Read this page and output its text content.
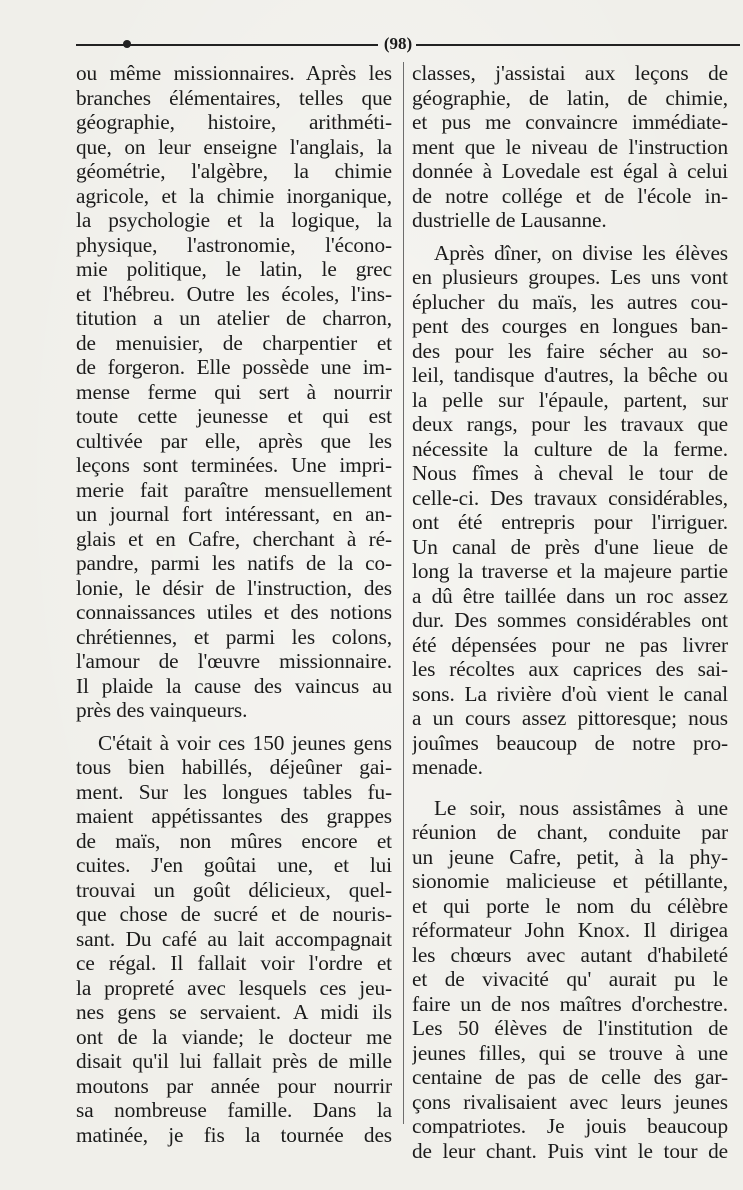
(98)
ou même missionnaires. Après les
branches élémentaires, telles que
géographie, histoire, arithméti-
que, on leur enseigne l'anglais, la
géométrie, l'algèbre, la chimie
agricole, et la chimie inorganique,
la psychologie et la logique, la
physique, l'astronomie, l'écono-
mie politique, le latin, le grec
et l'hébreu. Outre les écoles, l'ins-
titution a un atelier de charron,
de menuisier, de charpentier et
de forgeron. Elle possède une im-
mense ferme qui sert à nourrir
toute cette jeunesse et qui est
cultivée par elle, après que les
leçons sont terminées. Une impri-
merie fait paraître mensuellement
un journal fort intéressant, en an-
glais et en Cafre, cherchant à ré-
pandre, parmi les natifs de la co-
lonie, le désir de l'instruction, des
connaissances utiles et des notions
chrétiennes, et parmi les colons,
l'amour de l'œuvre missionnaire.
Il plaide la cause des vaincus au
près des vainqueurs.
C'était à voir ces 150 jeunes gens
tous bien habillés, déjeûner gai-
ment. Sur les longues tables fu-
maient appétissantes des grappes
de maïs, non mûres encore et
cuites. J'en goûtai une, et lui
trouvai un goût délicieux, quel-
que chose de sucré et de nouris-
sant. Du café au lait accompagnait
ce régal. Il fallait voir l'ordre et
la propreté avec lesquels ces jeu-
nes gens se servaient. A midi ils
ont de la viande; le docteur me
disait qu'il lui fallait près de mille
moutons par année pour nourrir
sa nombreuse famille. Dans la
matinée, je fis la tournée des
classes, j'assistai aux leçons de
géographie, de latin, de chimie,
et pus me convaincre immédiate-
ment que le niveau de l'instruction
donnée à Lovedale est égal à celui
de notre collége et de l'école in-
dustrielle de Lausanne.
Après dîner, on divise les élèves
en plusieurs groupes. Les uns vont
éplucher du maïs, les autres cou-
pent des courges en longues ban-
des pour les faire sécher au so-
leil, tandisque d'autres, la bêche ou
la pelle sur l'épaule, partent, sur
deux rangs, pour les travaux que
nécessite la culture de la ferme.
Nous fîmes à cheval le tour de
celle-ci. Des travaux considérables,
ont été entrepris pour l'irriguer.
Un canal de près d'une lieue de
long la traverse et la majeure partie
a dû être taillée dans un roc assez
dur. Des sommes considérables ont
été dépensées pour ne pas livrer
les récoltes aux caprices des sai-
sons. La rivière d'où vient le canal
a un cours assez pittoresque; nous
jouîmes beaucoup de notre pro-
menade.
Le soir, nous assistâmes à une
réunion de chant, conduite par
un jeune Cafre, petit, à la phy-
sionomie malicieuse et pétillante,
et qui porte le nom du célèbre
réformateur John Knox. Il dirigea
les chœurs avec autant d'habileté
et de vivacité qu' aurait pu le
faire un de nos maîtres d'orchestre.
Les 50 élèves de l'institution de
jeunes filles, qui se trouve à une
centaine de pas de celle des gar-
çons rivalisaient avec leurs jeunes
compatriotes. Je jouis beaucoup
de leur chant. Puis vint le tour de
